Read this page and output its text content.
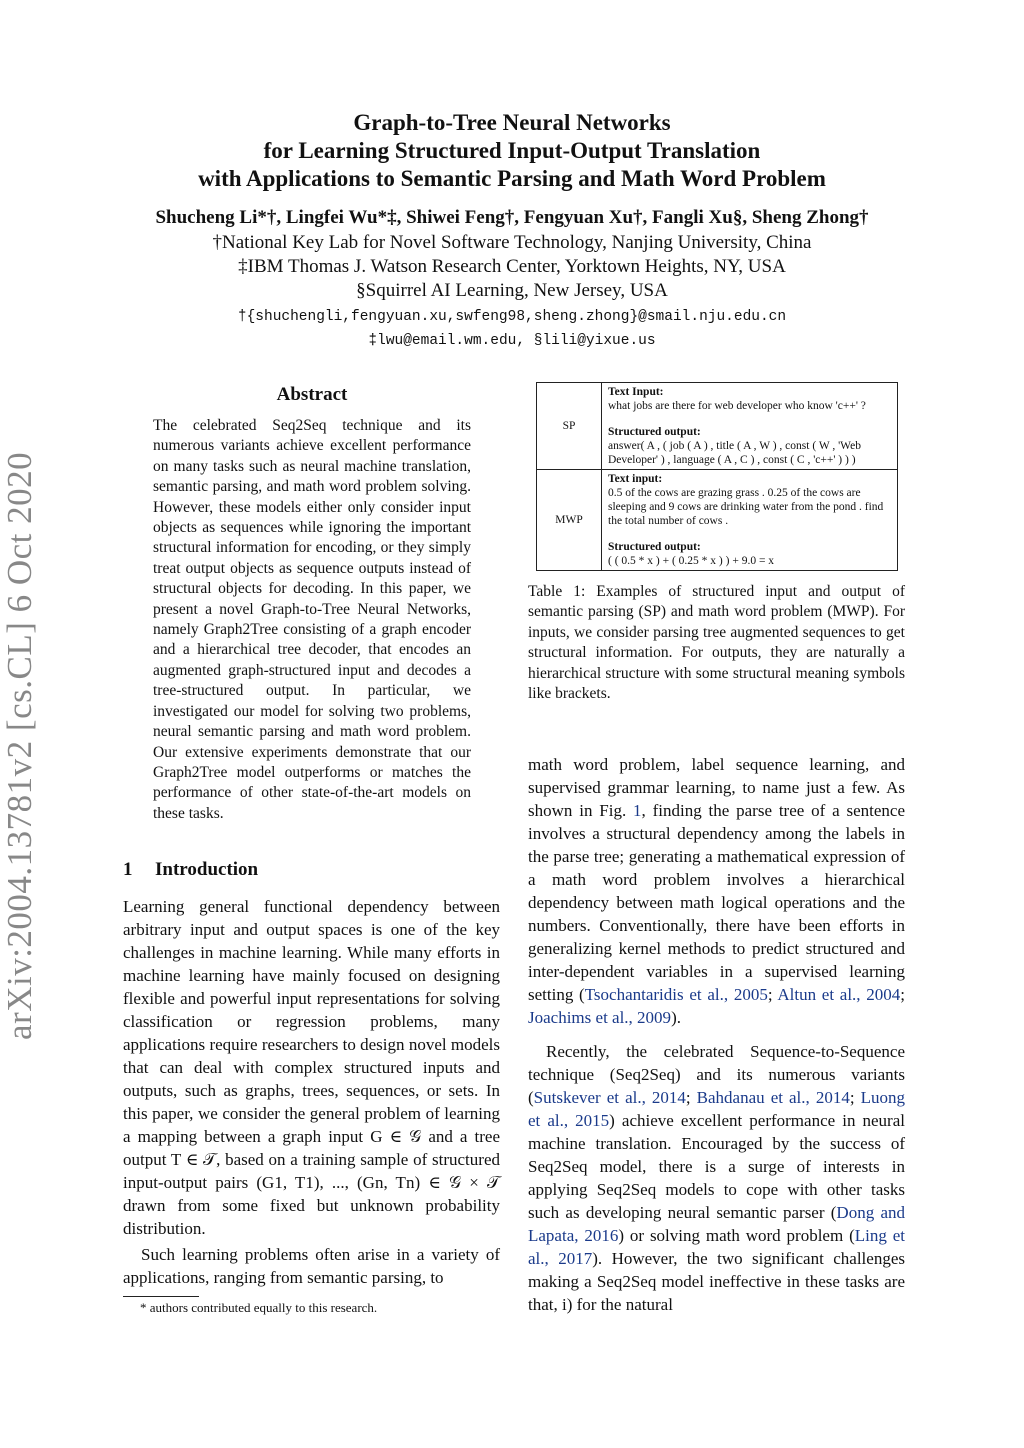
arXiv:2004.13781v2 [cs.CL] 6 Oct 2020
Graph-to-Tree Neural Networks
for Learning Structured Input-Output Translation
with Applications to Semantic Parsing and Math Word Problem
Shucheng Li*†, Lingfei Wu*‡, Shiwei Feng†, Fengyuan Xu†, Fangli Xu§, Sheng Zhong†
†National Key Lab for Novel Software Technology, Nanjing University, China
‡IBM Thomas J. Watson Research Center, Yorktown Heights, NY, USA
§Squirrel AI Learning, New Jersey, USA
†{shuchengli,fengyuan.xu,swfeng98,sheng.zhong}@smail.nju.edu.cn
‡lwu@email.wm.edu, §lili@yixue.us
Abstract
The celebrated Seq2Seq technique and its numerous variants achieve excellent performance on many tasks such as neural machine translation, semantic parsing, and math word problem solving. However, these models either only consider input objects as sequences while ignoring the important structural information for encoding, or they simply treat output objects as sequence outputs instead of structural objects for decoding. In this paper, we present a novel Graph-to-Tree Neural Networks, namely Graph2Tree consisting of a graph encoder and a hierarchical tree decoder, that encodes an augmented graph-structured input and decodes a tree-structured output. In particular, we investigated our model for solving two problems, neural semantic parsing and math word problem. Our extensive experiments demonstrate that our Graph2Tree model outperforms or matches the performance of other state-of-the-art models on these tasks.
1 Introduction

Learning general functional dependency between arbitrary input and output spaces is one of the key challenges in machine learning. While many efforts in machine learning have mainly focused on designing flexible and powerful input representations for solving classification or regression problems, many applications require researchers to design novel models that can deal with complex structured inputs and outputs, such as graphs, trees, sequences, or sets. In this paper, we consider the general problem of learning a mapping between a graph input G ∈ 𝒢 and a tree output T ∈ 𝒯, based on a training sample of structured input-output pairs (G1, T1), ..., (Gn, Tn) ∈ 𝒢 × 𝒯 drawn from some fixed but unknown probability distribution.

Such learning problems often arise in a variety of applications, ranging from semantic parsing, to

* authors contributed equally to this research.
SP	Text Input:
what jobs are there for web developer who know 'c++' ?
Structured output:
answer( A , ( job ( A ) , title ( A , W ) , const ( W , 'Web Developer' ) , language ( A , C ) , const ( C , 'c++' ) ) )

MWP	Text input:
0.5 of the cows are grazing grass . 0.25 of the cows are sleeping and 9 cows are drinking water from the pond . find the total number of cows .
Structured output:
( ( 0.5 * x ) + ( 0.25 * x ) ) + 9.0 = x
Table 1: Examples of structured input and output of semantic parsing (SP) and math word problem (MWP). For inputs, we consider parsing tree augmented sequences to get structural information. For outputs, they are naturally a hierarchical structure with some structural meaning symbols like brackets.

math word problem, label sequence learning, and supervised grammar learning, to name just a few. As shown in Fig. 1, finding the parse tree of a sentence involves a structural dependency among the labels in the parse tree; generating a mathematical expression of a math word problem involves a hierarchical dependency between math logical operations and the numbers. Conventionally, there have been efforts in generalizing kernel methods to predict structured and inter-dependent variables in a supervised learning setting (Tsochantaridis et al., 2005; Altun et al., 2004; Joachims et al., 2009).

Recently, the celebrated Sequence-to-Sequence technique (Seq2Seq) and its numerous variants (Sutskever et al., 2014; Bahdanau et al., 2014; Luong et al., 2015) achieve excellent performance in neural machine translation. Encouraged by the success of Seq2Seq model, there is a surge of interests in applying Seq2Seq models to cope with other tasks such as developing neural semantic parser (Dong and Lapata, 2016) or solving math word problem (Ling et al., 2017). However, the two significant challenges making a Seq2Seq model ineffective in these tasks are that, i) for the natural
